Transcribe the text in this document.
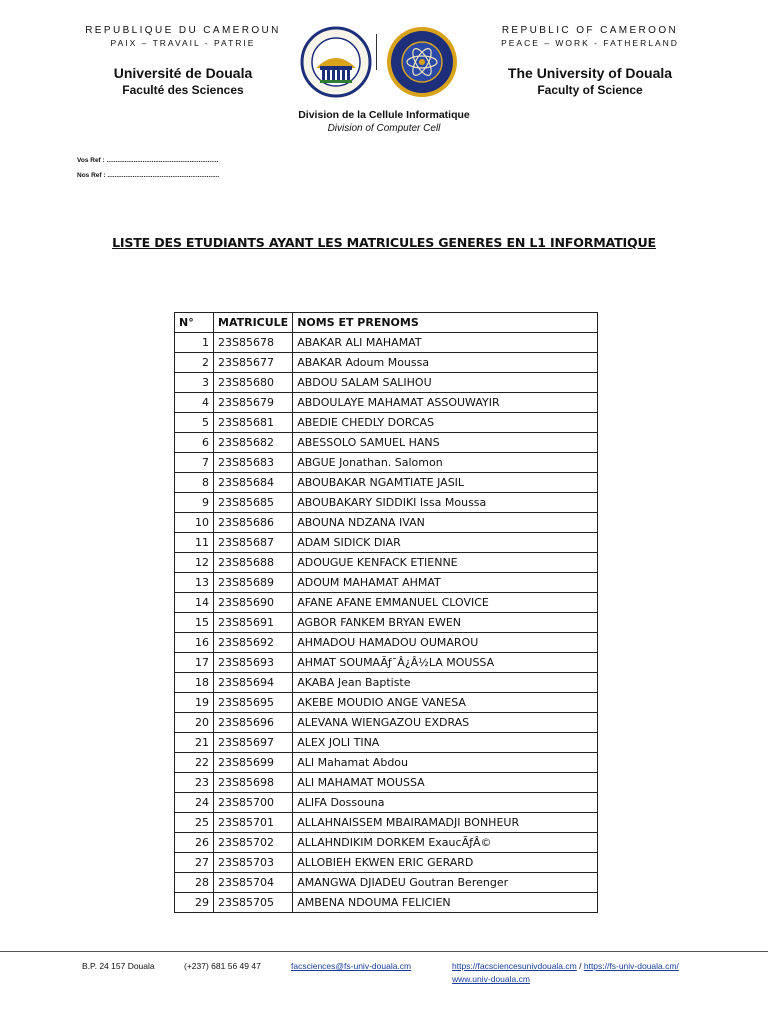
REPUBLIQUE DU CAMEROUN
PAIX – TRAVAIL - PATRIE
Université de Douala
Faculté des Sciences
REPUBLIC OF CAMEROON
PEACE – WORK - FATHERLAND
The University of Douala
Faculty of Science
Division de la Cellule Informatique
Division of Computer Cell
Vos Ref : ..............................................................
Nos Ref : ..............................................................
LISTE DES ETUDIANTS AYANT LES MATRICULES GENERES EN L1 INFORMATIQUE
N°	MATRICULE	NOMS ET PRENOMS
1	23S85678	ABAKAR ALI MAHAMAT
2	23S85677	ABAKAR Adoum Moussa
3	23S85680	ABDOU SALAM SALIHOU
4	23S85679	ABDOULAYE MAHAMAT ASSOUWAYIR
5	23S85681	ABEDIE CHEDLY DORCAS
6	23S85682	ABESSOLO SAMUEL HANS
7	23S85683	ABGUE Jonathan. Salomon
8	23S85684	ABOUBAKAR NGAMTIATE JASIL
9	23S85685	ABOUBAKARY SIDDIKI Issa Moussa
10	23S85686	ABOUNA NDZANA IVAN
11	23S85687	ADAM SIDICK DIAR
12	23S85688	ADOUGUE KENFACK ETIENNE
13	23S85689	ADOUM MAHAMAT AHMAT
14	23S85690	AFANE AFANE EMMANUEL CLOVICE
15	23S85691	AGBOR FANKEM BRYAN EWEN
16	23S85692	AHMADOU HAMADOU OUMAROU
17	23S85693	AHMAT SOUMAÃƒ¯Â¿Â½LA MOUSSA
18	23S85694	AKABA Jean Baptiste
19	23S85695	AKEBE MOUDIO ANGE VANESA
20	23S85696	ALEVANA WIENGAZOU EXDRAS
21	23S85697	ALEX JOLI TINA
22	23S85699	ALI Mahamat Abdou
23	23S85698	ALI MAHAMAT MOUSSA
24	23S85700	ALIFA Dossouna
25	23S85701	ALLAHNAISSEM MBAIRAMADJI BONHEUR
26	23S85702	ALLAHNDIKIM DORKEM ExaucÃƒÂ©
27	23S85703	ALLOBIEH EKWEN ERIC GERARD
28	23S85704	AMANGWA DJIADEU Goutran Berenger
29	23S85705	AMBENA NDOUMA FELICIEN
B.P. 24 157 Douala	(+237) 681 56 49 47	facsciences@fs-univ-douala.cm	https://facsciencesunivdouala.cm / https://fs-univ-douala.cm/
www.univ-douala.cm
